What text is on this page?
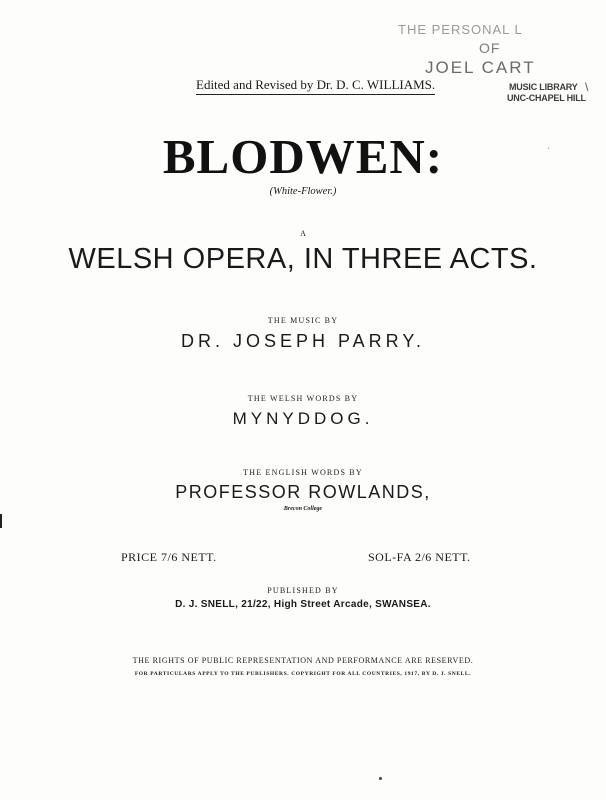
THE PERSONAL L
OF
JOEL CART
MUSIC LIBRARY
UNC-CHAPEL HILL
\
·
Edited and Revised by Dr. D. C. WILLIAMS.
BLODWEN:
(White-Flower.)
A
WELSH OPERA, IN THREE ACTS.
THE MUSIC BY
DR. JOSEPH PARRY.
THE WELSH WORDS BY
MYNYDDOG.
THE ENGLISH WORDS BY
PROFESSOR ROWLANDS,
Brecon College
PRICE 7/6 NETT.	SOL-FA 2/6 NETT.
PUBLISHED BY
D. J. SNELL, 21/22, High Street Arcade, SWANSEA.
THE RIGHTS OF PUBLIC REPRESENTATION AND PERFORMANCE ARE RESERVED.
FOR PARTICULARS APPLY TO THE PUBLISHERS. COPYRIGHT FOR ALL COUNTRIES, 1917, BY D. J. SNELL.
